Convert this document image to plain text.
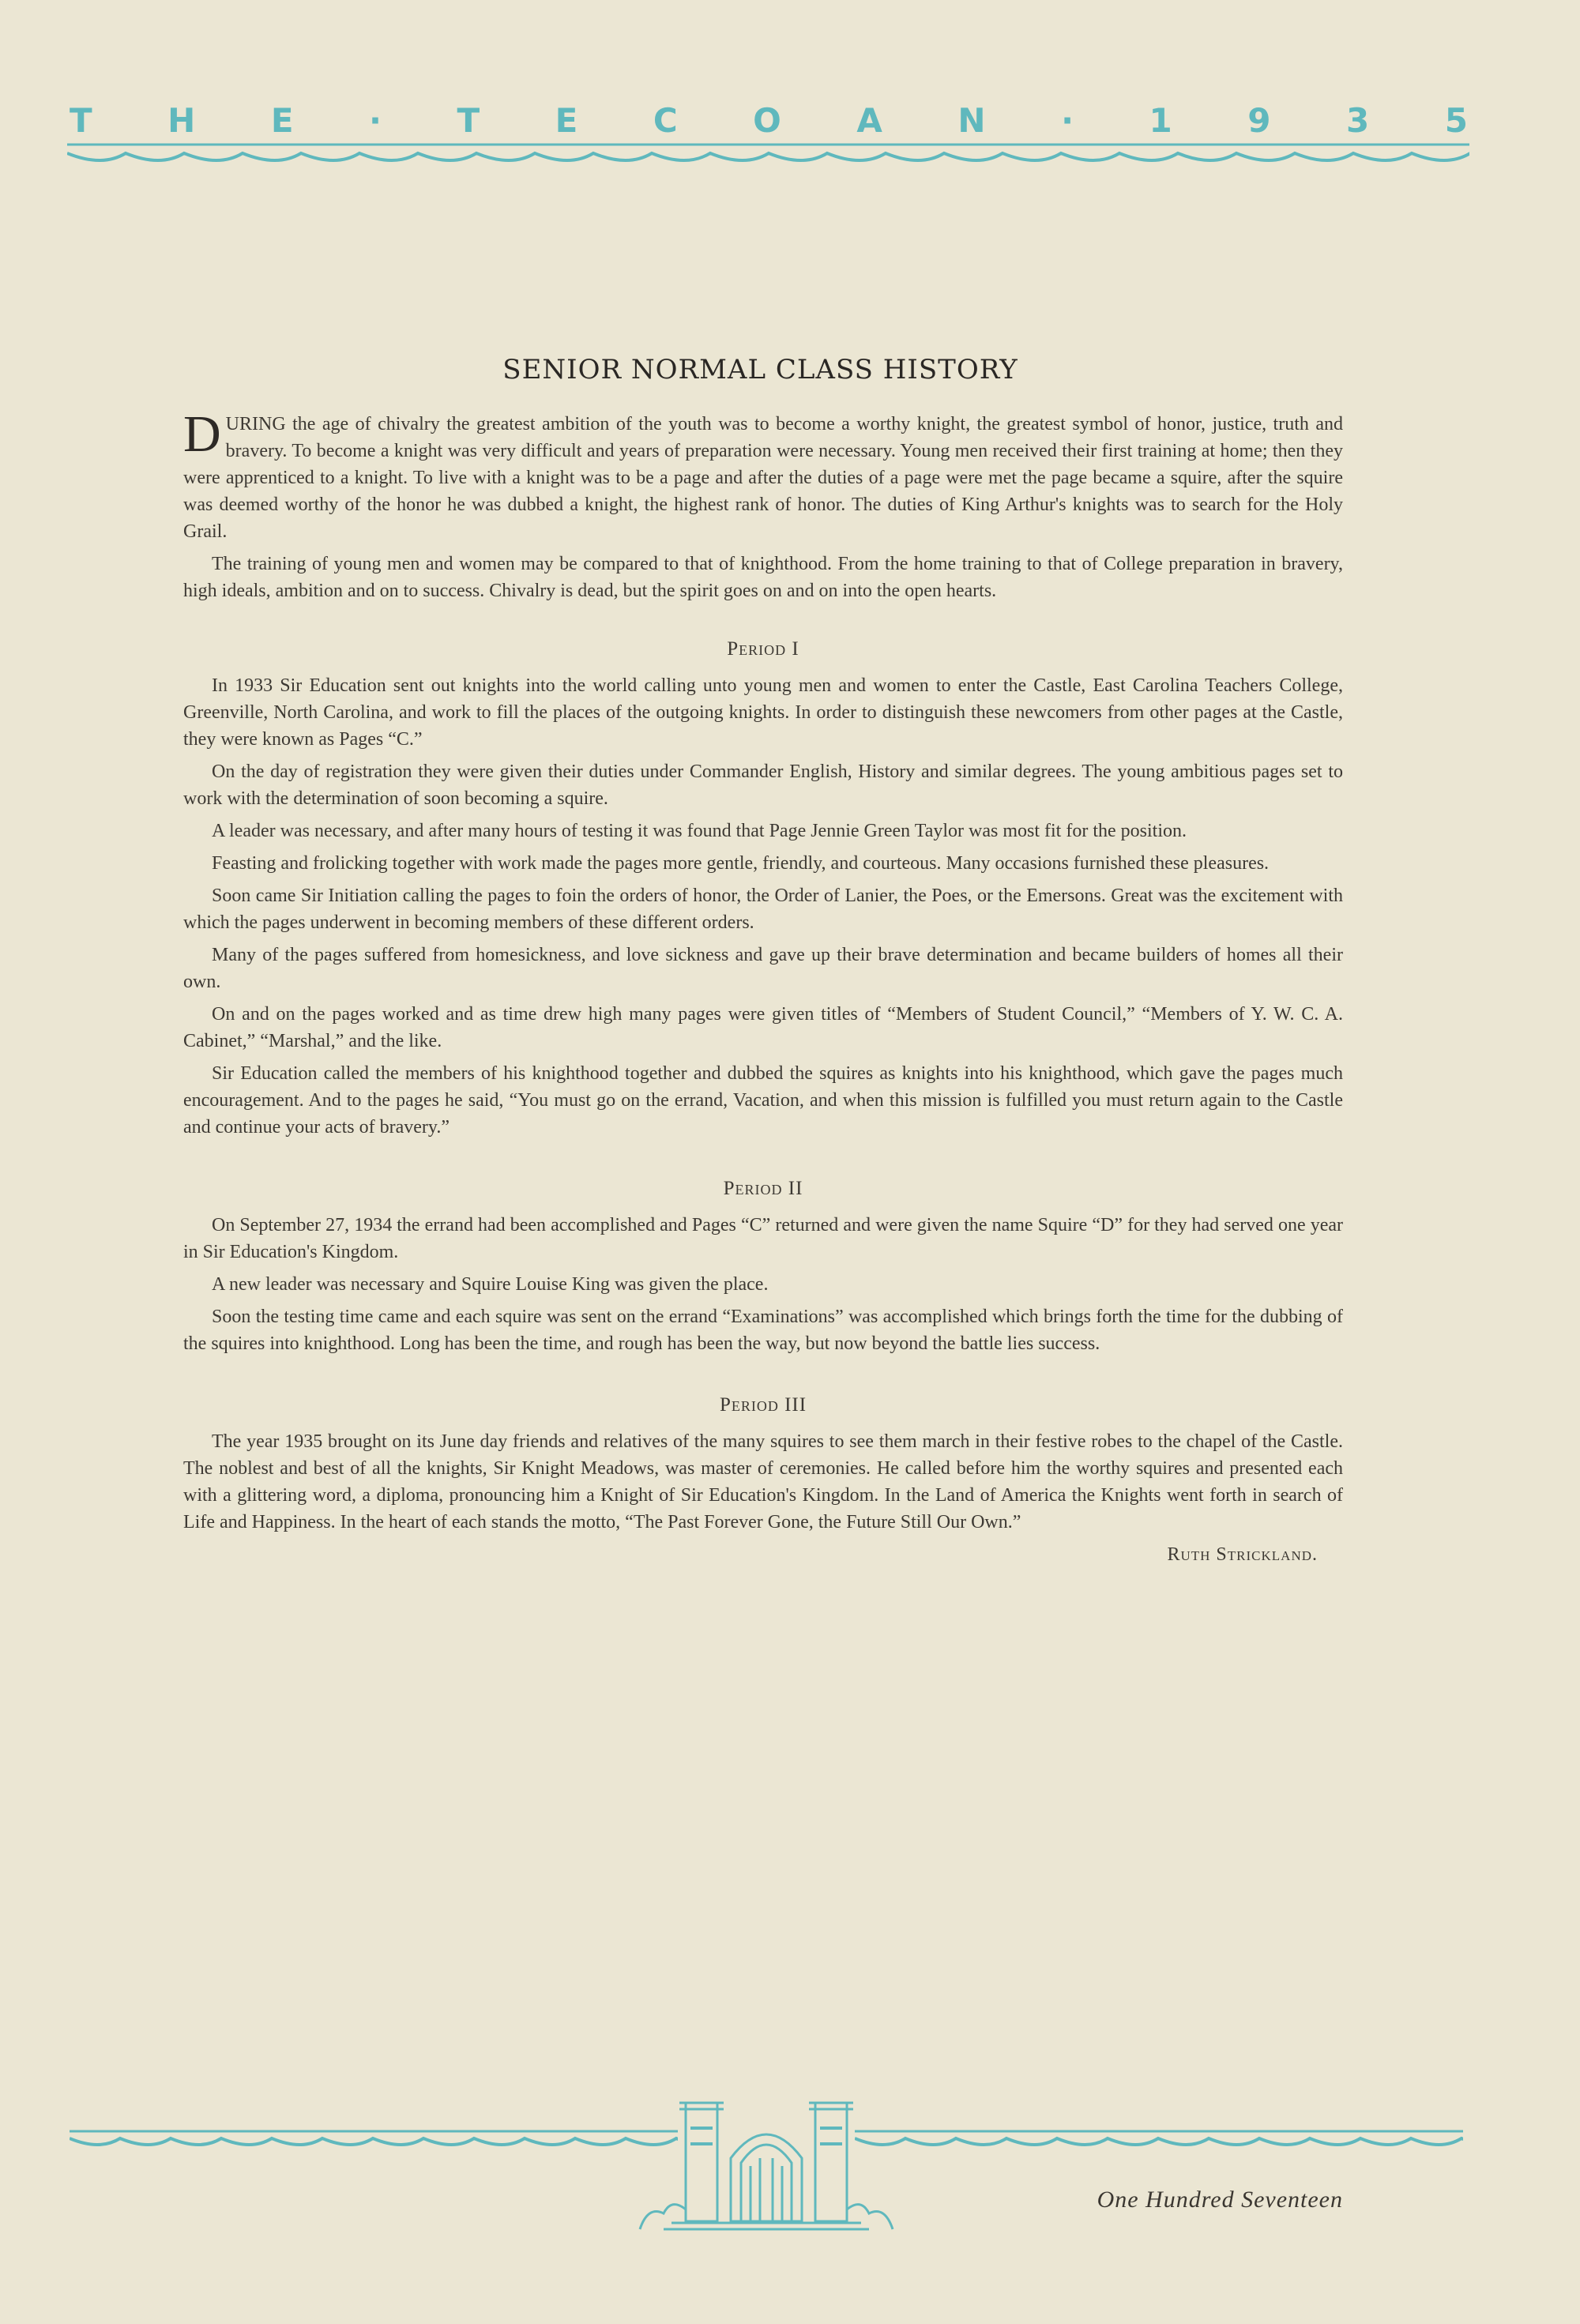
T H E · T E C O A N · 1 9 3 5
SENIOR NORMAL CLASS HISTORY

DURING the age of chivalry the greatest ambition of the youth was to become a worthy knight, the greatest symbol of honor, justice, truth and bravery. To become a knight was very difficult and years of preparation were necessary. Young men received their first training at home; then they were apprenticed to a knight. To live with a knight was to be a page and after the duties of a page were met the page became a squire, after the squire was deemed worthy of the honor he was dubbed a knight, the highest rank of honor. The duties of King Arthur's knights was to search for the Holy Grail.

The training of young men and women may be compared to that of knighthood. From the home training to that of College preparation in bravery, high ideals, ambition and on to success. Chivalry is dead, but the spirit goes on and on into the open hearts.

Period I

In 1933 Sir Education sent out knights into the world calling unto young men and women to enter the Castle, East Carolina Teachers College, Greenville, North Carolina, and work to fill the places of the outgoing knights. In order to distinguish these newcomers from other pages at the Castle, they were known as Pages “C.”

On the day of registration they were given their duties under Commander English, History and similar degrees. The young ambitious pages set to work with the determination of soon becoming a squire.

A leader was necessary, and after many hours of testing it was found that Page Jennie Green Taylor was most fit for the position.

Feasting and frolicking together with work made the pages more gentle, friendly, and courteous. Many occasions furnished these pleasures.

Soon came Sir Initiation calling the pages to foin the orders of honor, the Order of Lanier, the Poes, or the Emersons. Great was the excitement with which the pages underwent in becoming members of these different orders.

Many of the pages suffered from homesickness, and love sickness and gave up their brave determination and became builders of homes all their own.

On and on the pages worked and as time drew high many pages were given titles of “Members of Student Council,” “Members of Y. W. C. A. Cabinet,” “Marshal,” and the like.

Sir Education called the members of his knighthood together and dubbed the squires as knights into his knighthood, which gave the pages much encouragement. And to the pages he said, “You must go on the errand, Vacation, and when this mission is fulfilled you must return again to the Castle and continue your acts of bravery.”

Period II

On September 27, 1934 the errand had been accomplished and Pages “C” returned and were given the name Squire “D” for they had served one year in Sir Education's Kingdom.

A new leader was necessary and Squire Louise King was given the place.

Soon the testing time came and each squire was sent on the errand “Examinations” was accomplished which brings forth the time for the dubbing of the squires into knighthood. Long has been the time, and rough has been the way, but now beyond the battle lies success.

Period III

The year 1935 brought on its June day friends and relatives of the many squires to see them march in their festive robes to the chapel of the Castle. The noblest and best of all the knights, Sir Knight Meadows, was master of ceremonies. He called before him the worthy squires and presented each with a glittering word, a diploma, pronouncing him a Knight of Sir Education's Kingdom. In the Land of America the Knights went forth in search of Life and Happiness. In the heart of each stands the motto, “The Past Forever Gone, the Future Still Our Own.”

Ruth Strickland.
One Hundred Seventeen
